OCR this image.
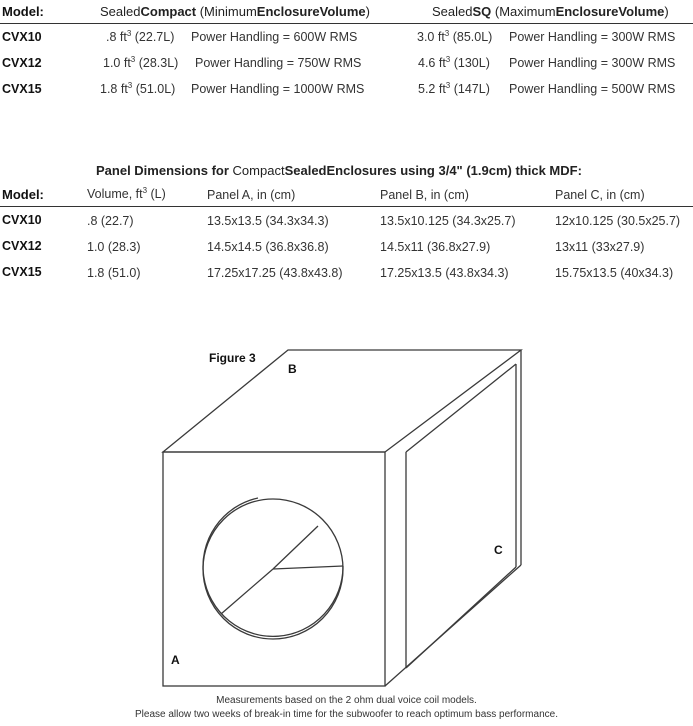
Model:	SealedCompact (MinimumEnclosureVolume)	SealedSQ (MaximumEnclosureVolume)
CVX10	.8 $ft^3$ (22.7L) Power Handling = 600W RMS	3.0 $ft^3$ (85.0L) Power Handling = 300W RMS
CVX12	1.0 $ft^3$ (28.3L) Power Handling = 750W RMS	4.6 $ft^3$ (130L) Power Handling = 300W RMS
CVX15	1.8 $ft^3$ (51.0L) Power Handling = 1000W RMS	5.2 $ft^3$ (147L) Power Handling = 500W RMS
Panel Dimensions for CompactSealedEnclosures using 3/4" (1.9cm) thick MDF:
Model:	Volume, $ft^3$ (L)	Panel A, in (cm)	Panel B, in (cm)	Panel C, in (cm)
CVX10	.8 (22.7)	13.5x13.5 (34.3x34.3)	13.5x10.125 (34.3x25.7)	12x10.125 (30.5x25.7)
CVX12	1.0 (28.3)	14.5x14.5 (36.8x36.8)	14.5x11 (36.8x27.9)	13x11 (33x27.9)
CVX15	1.8 (51.0)	17.25x17.25 (43.8x43.8)	17.25x13.5 (43.8x34.3)	15.75x13.5 (40x34.3)
Figure 3
B
C
A
Measurements based on the 2 ohm dual voice coil models.
Please allow two weeks of break-in time for the subwoofer to reach optimum bass performance.
